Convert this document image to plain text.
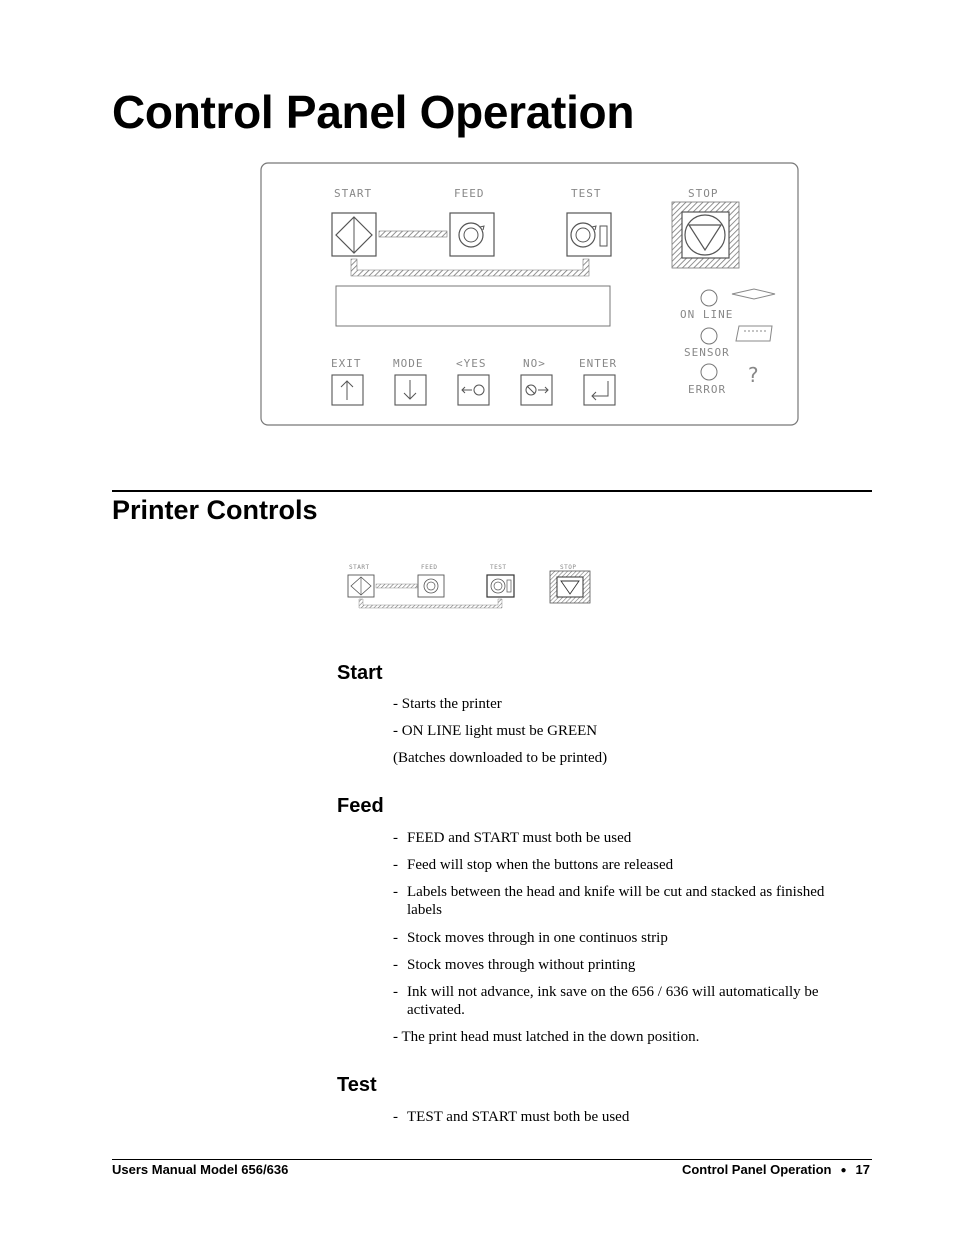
Control Panel Operation
START	FEED	TEST	STOP
ON LINE
SENSOR
?
ERROR
EXIT	MODE	<YES	NO>	ENTER
Printer Controls
START	FEED	TEST	STOP
Start
- Starts the printer
- ON LINE light must be GREEN
(Batches downloaded to be printed)
Feed
- FEED and START must both be used
- Feed will stop when the buttons are released
- Labels between the head and knife will be cut and stacked as finished labels
- Stock moves through in one continuos strip
- Stock moves through without printing
- Ink will not advance, ink save on the 656 / 636 will automatically be activated.
- The print head must latched in the down position.
Test
- TEST and START must both be used
Users Manual Model 656/636	Control Panel Operation ● 17
